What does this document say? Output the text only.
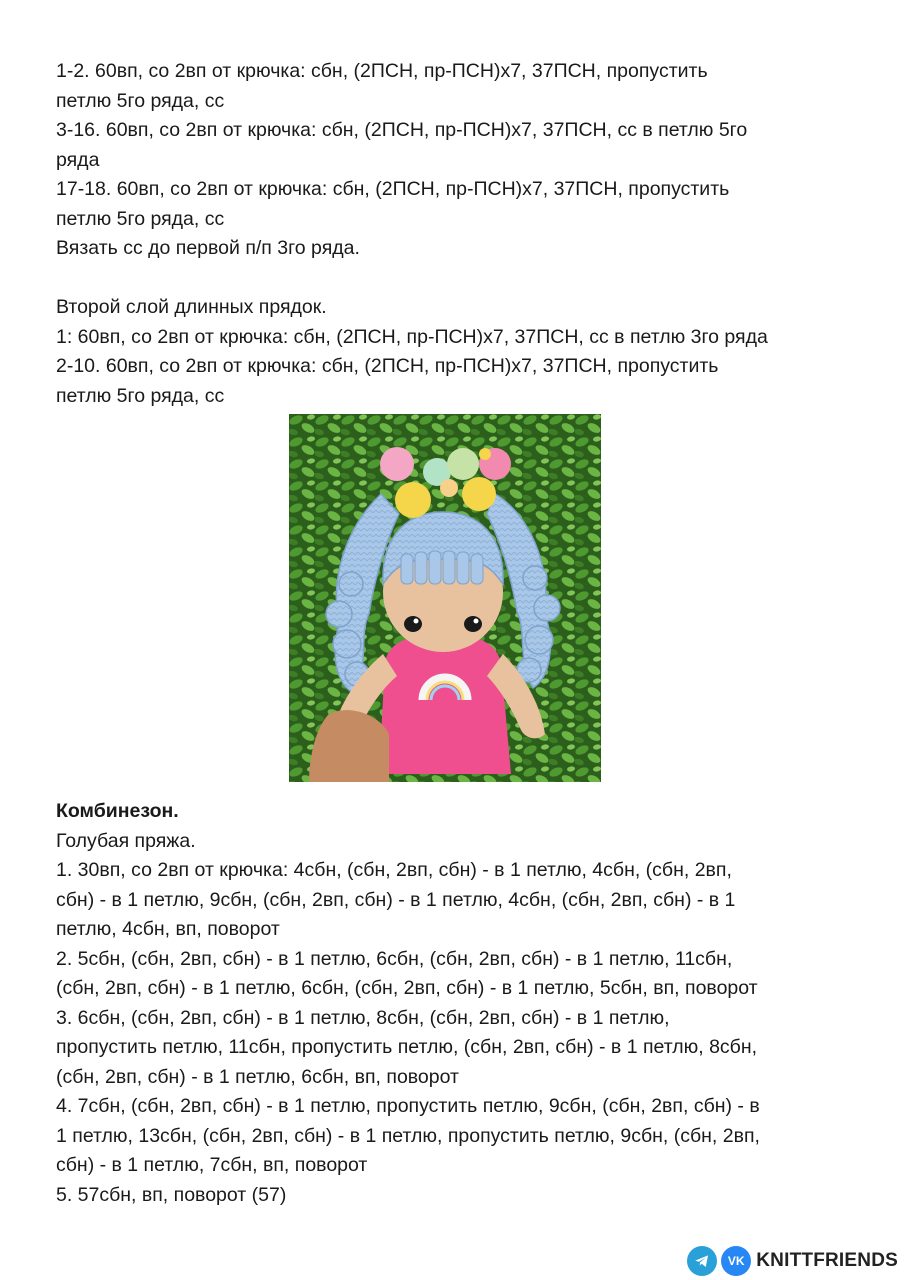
1-2. 60вп, со 2вп от крючка: сбн, (2ПСН, пр-ПСН)х7, 37ПСН, пропустить

петлю 5го ряда, сс

3-16. 60вп, со 2вп от крючка: сбн, (2ПСН, пр-ПСН)х7, 37ПСН, сс в петлю 5го

ряда

17-18. 60вп, со 2вп от крючка: сбн, (2ПСН, пр-ПСН)х7, 37ПСН, пропустить

петлю 5го ряда, сс

Вязать сс до первой п/п 3го ряда.

Второй слой длинных прядок.

1: 60вп, со 2вп от крючка: сбн, (2ПСН, пр-ПСН)х7, 37ПСН, сс в петлю 3го ряда

2-10. 60вп, со 2вп от крючка: сбн, (2ПСН, пр-ПСН)х7, 37ПСН, пропустить

петлю 5го ряда, сс

Комбинезон.

Голубая пряжа.

1. 30вп, со 2вп от крючка: 4сбн, (сбн, 2вп, сбн) - в 1 петлю, 4сбн, (сбн, 2вп,

сбн) - в 1 петлю, 9сбн, (сбн, 2вп, сбн) - в 1 петлю, 4сбн, (сбн, 2вп, сбн) - в 1

петлю, 4сбн, вп, поворот

2. 5сбн, (сбн, 2вп, сбн) - в 1 петлю, 6сбн, (сбн, 2вп, сбн) - в 1 петлю, 11сбн,

(сбн, 2вп, сбн) - в 1 петлю, 6сбн, (сбн, 2вп, сбн) - в 1 петлю, 5сбн, вп, поворот

3. 6сбн, (сбн, 2вп, сбн) - в 1 петлю, 8сбн, (сбн, 2вп, сбн) - в 1 петлю,

пропустить петлю, 11сбн, пропустить петлю, (сбн, 2вп, сбн) - в 1 петлю, 8сбн,

(сбн, 2вп, сбн) - в 1 петлю, 6сбн, вп, поворот

4. 7сбн, (сбн, 2вп, сбн) - в 1 петлю, пропустить петлю, 9сбн, (сбн, 2вп, сбн) - в

1 петлю, 13сбн, (сбн, 2вп, сбн) - в 1 петлю, пропустить петлю, 9сбн, (сбн, 2вп,

сбн) - в 1 петлю, 7сбн, вп, поворот

5. 57сбн, вп, поворот (57)

VK KNITTFRIENDS
